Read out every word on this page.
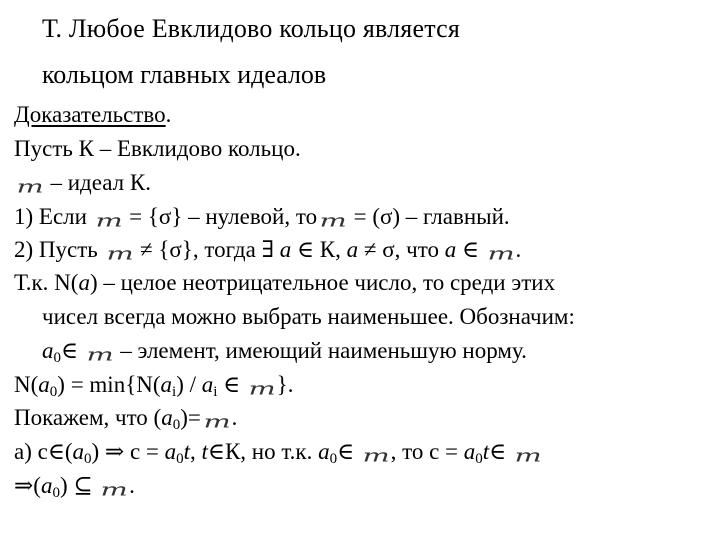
Т. Любое Евклидово кольцо является
кольцом главных идеалов
Доказательство.
Пусть К – Евклидово кольцо.
m – идеал К.
1) Если m = {σ} – нулевой, тоm = (σ) – главный.
2) Пусть m ≠ {σ}, тогда ∃ a ∈ К, a ≠ σ, что a ∈ m .
Т.к. N(a) – целое неотрицательное число, то среди этих
чисел всегда можно выбрать наименьшее. Обозначим:
$a_0\in$ m – элемент, имеющий наименьшую норму.
$N(a_0) = \min\{N(a_i) / a_i$ ∈ m }.
Покажем, что $(a_0)=m$ .
а) $с\in(a_0)$ ⇒ $с = a_0t$, t∈К, но т.к. $a_0\in$ m , то $с = a_0t\in$ m
$\Rightarrow(a_0)$ ⊆ m .
